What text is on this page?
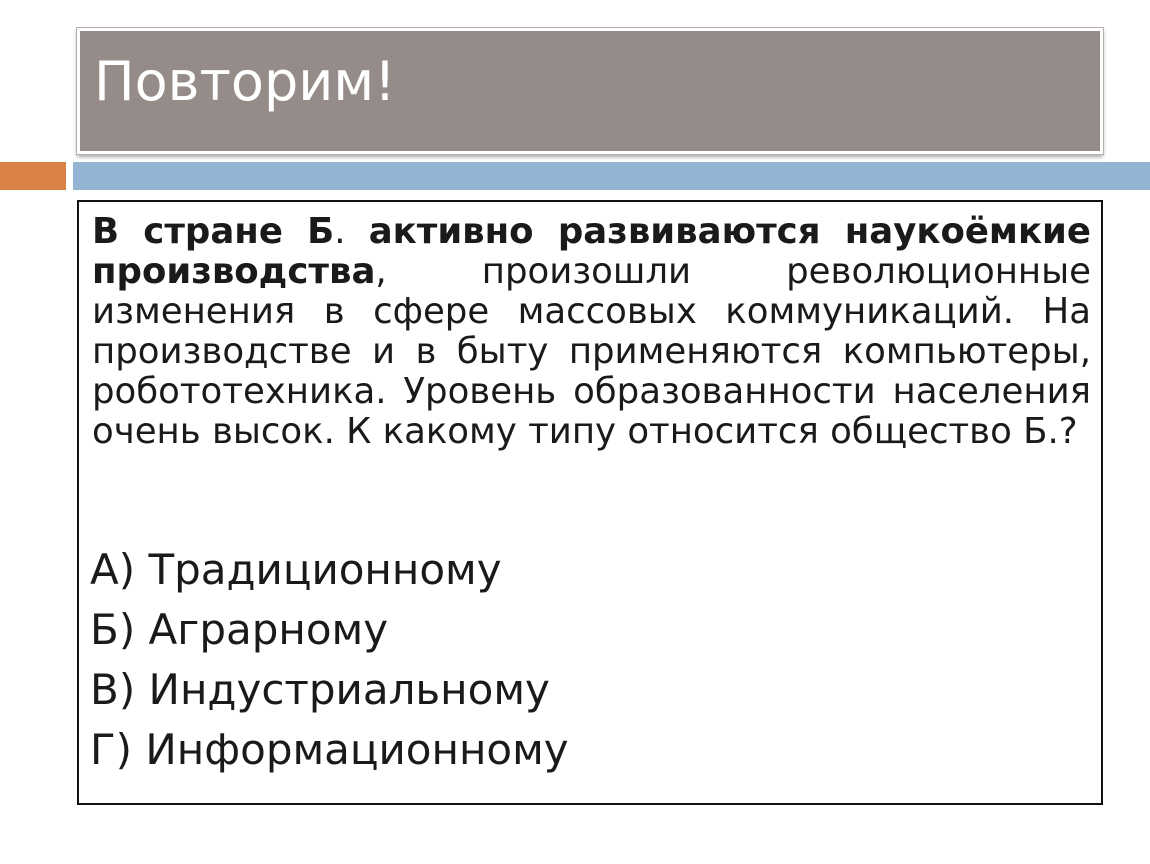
Повторим!

В стране Б. активно развиваются наукоёмкие производства, произошли революционные изменения в сфере массовых коммуникаций. На производстве и в быту применяются компьютеры, робототехника. Уровень образованности населения очень высок. К какому типу относится общество Б.?

А) Традиционному
Б) Аграрному
В) Индустриальному
Г) Информационному
